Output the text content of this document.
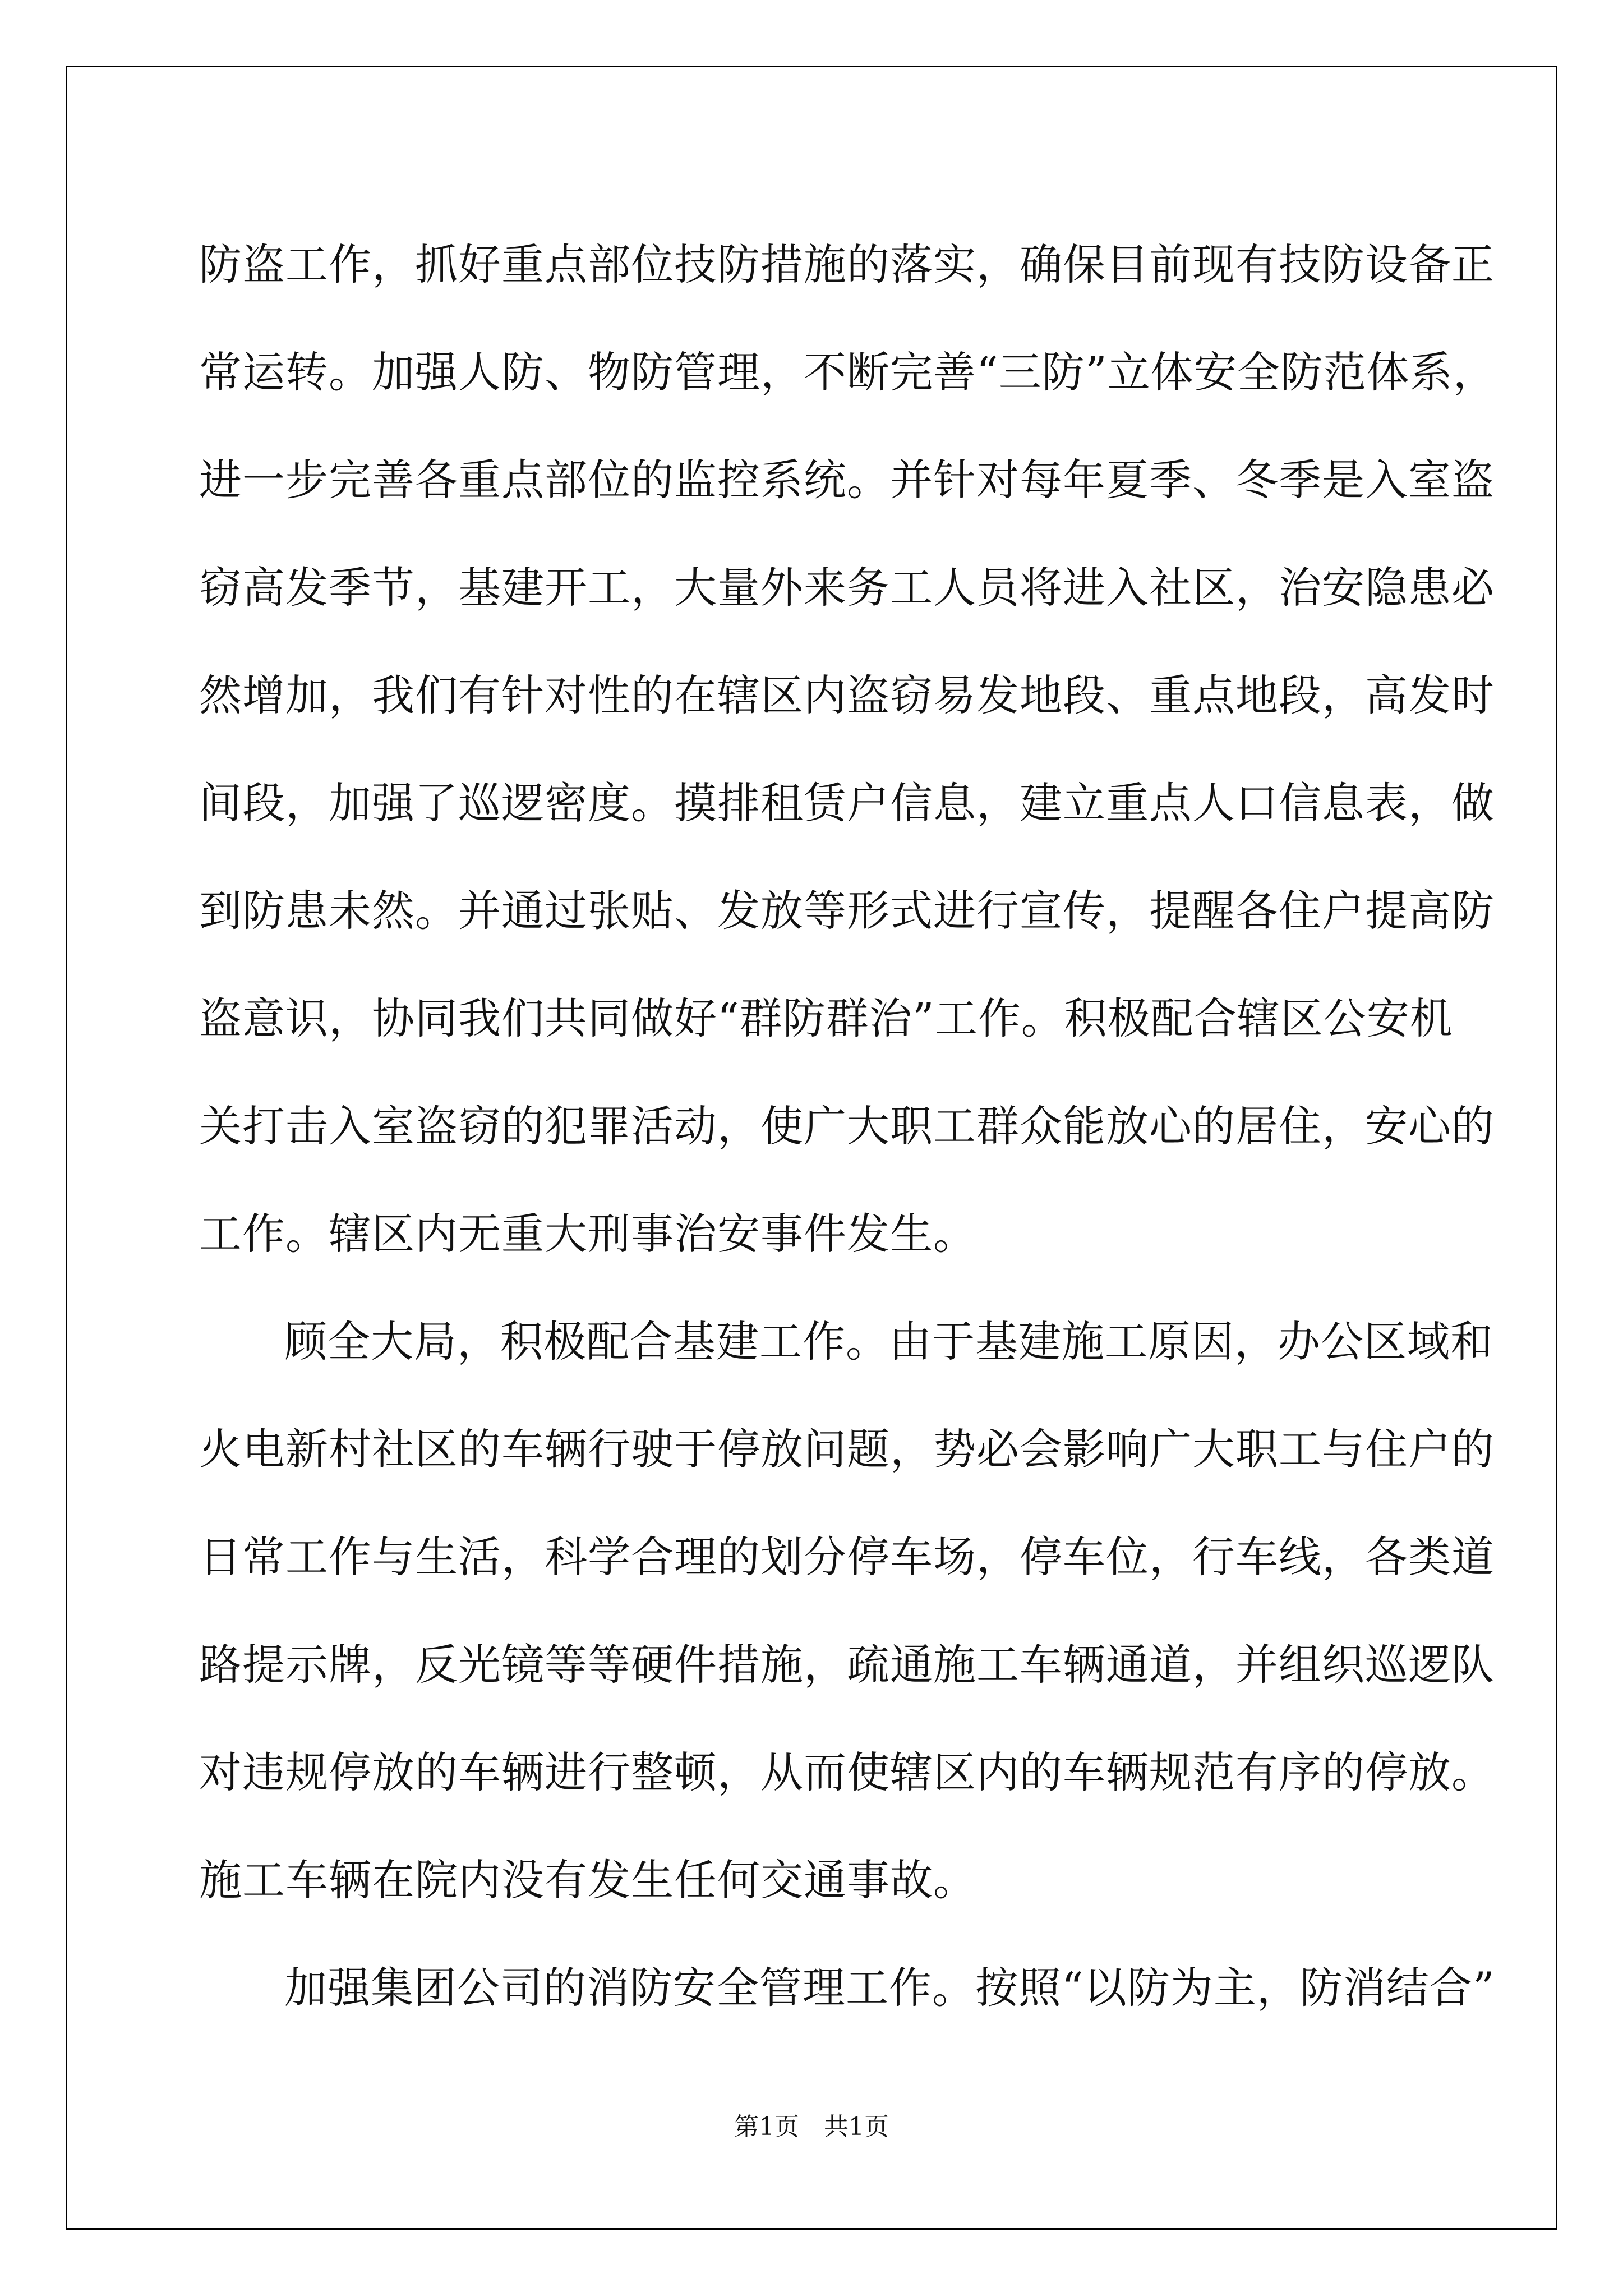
防盗工作，抓好重点部位技防措施的落实，确保目前现有技防设备正
常运转。加强人防、物防管理，不断完善“三防”立体安全防范体系，
进一步完善各重点部位的监控系统。并针对每年夏季、冬季是入室盗
窃高发季节，基建开工，大量外来务工人员将进入社区，治安隐患必
然增加，我们有针对性的在辖区内盗窃易发地段、重点地段，高发时
间段，加强了巡逻密度。摸排租赁户信息，建立重点人口信息表，做
到防患未然。并通过张贴、发放等形式进行宣传，提醒各住户提高防
盗意识，协同我们共同做好“群防群治”工作。积极配合辖区公安机
关打击入室盗窃的犯罪活动，使广大职工群众能放心的居住，安心的
工作。辖区内无重大刑事治安事件发生。
顾全大局，积极配合基建工作。由于基建施工原因，办公区域和
火电新村社区的车辆行驶于停放问题，势必会影响广大职工与住户的
日常工作与生活，科学合理的划分停车场，停车位，行车线，各类道
路提示牌，反光镜等等硬件措施，疏通施工车辆通道，并组织巡逻队
对违规停放的车辆进行整顿，从而使辖区内的车辆规范有序的停放。
施工车辆在院内没有发生任何交通事故。
加强集团公司的消防安全管理工作。按照“以防为主，防消结合”
第1页　共1页
